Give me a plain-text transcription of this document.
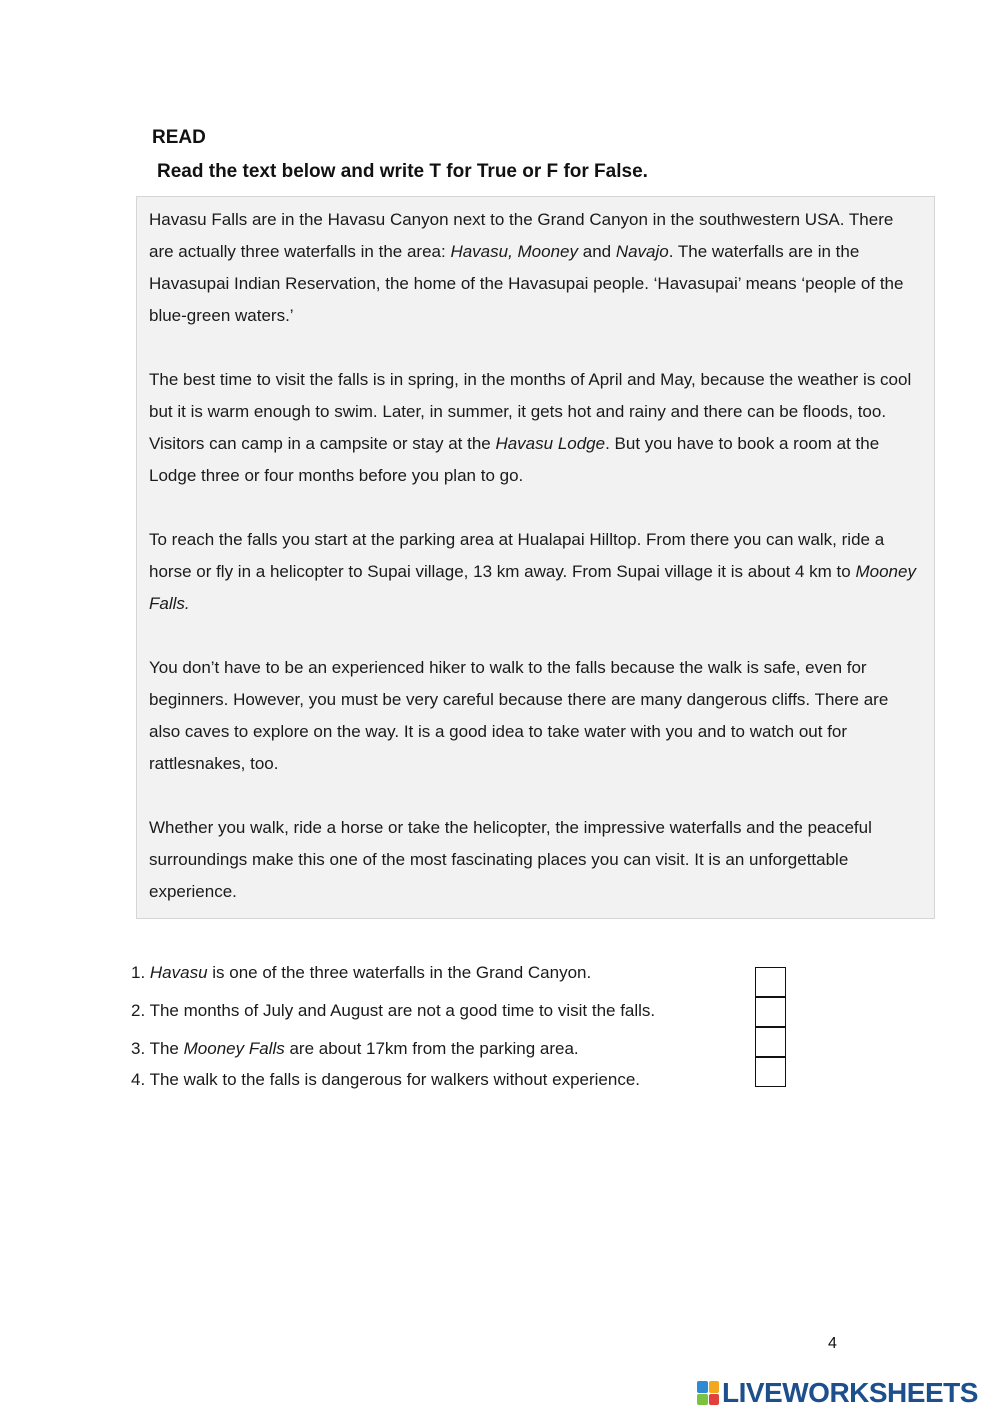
READ
Read the text below and write T for True or F for False.

Havasu Falls are in the Havasu Canyon next to the Grand Canyon in the southwestern USA. There are actually three waterfalls in the area: Havasu, Mooney and Navajo. The waterfalls are in the Havasupai Indian Reservation, the home of the Havasupai people. ‘Havasupai’ means ‘people of the blue-green waters.’

The best time to visit the falls is in spring, in the months of April and May, because the weather is cool but it is warm enough to swim. Later, in summer, it gets hot and rainy and there can be floods, too. Visitors can camp in a campsite or stay at the Havasu Lodge. But you have to book a room at the Lodge three or four months before you plan to go.

To reach the falls you start at the parking area at Hualapai Hilltop. From there you can walk, ride a horse or fly in a helicopter to Supai village, 13 km away. From Supai village it is about 4 km to Mooney Falls.

You don’t have to be an experienced hiker to walk to the falls because the walk is safe, even for beginners. However, you must be very careful because there are many dangerous cliffs. There are also caves to explore on the way. It is a good idea to take water with you and to watch out for rattlesnakes, too.

Whether you walk, ride a horse or take the helicopter, the impressive waterfalls and the peaceful surroundings make this one of the most fascinating places you can visit. It is an unforgettable experience.

1. Havasu is one of the three waterfalls in the Grand Canyon.
2. The months of July and August are not a good time to visit the falls.
3. The Mooney Falls are about 17km from the parking area.
4. The walk to the falls is dangerous for walkers without experience.
4
LIVEWORKSHEETS
